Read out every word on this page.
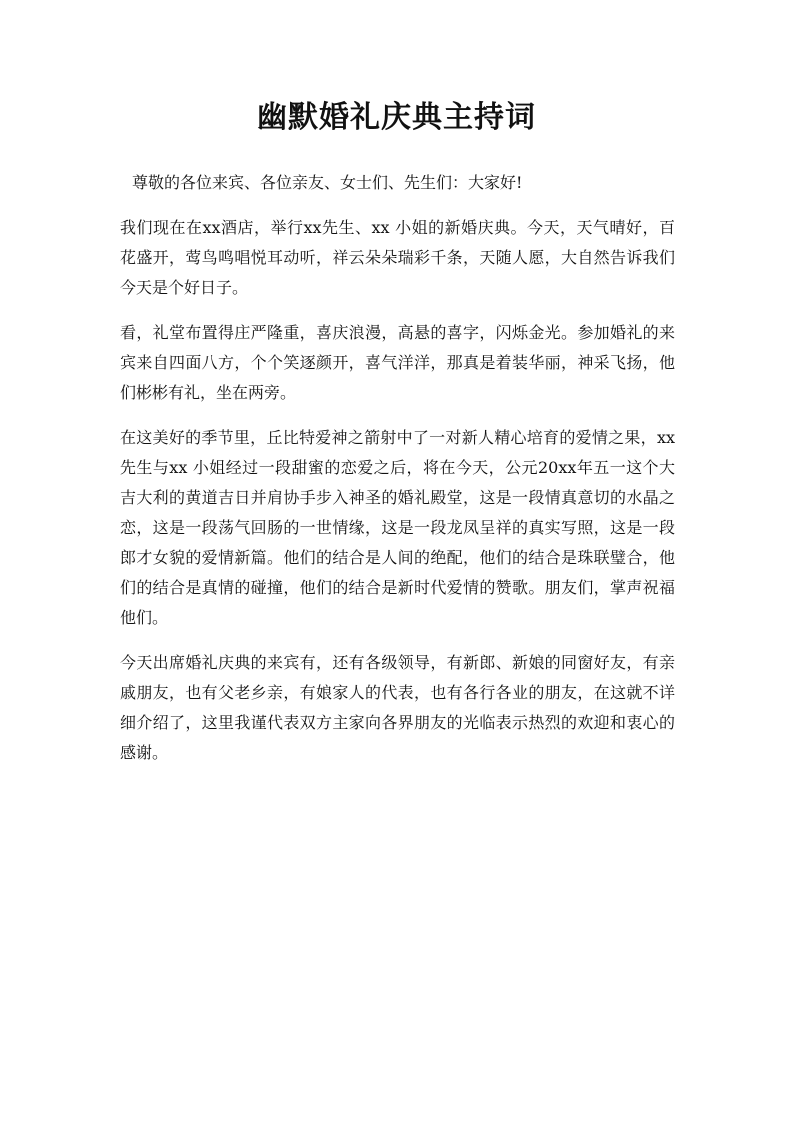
幽默婚礼庆典主持词

尊敬的各位来宾、各位亲友、女士们、先生们：大家好!

我们现在在xx酒店，举行xx先生、xx 小姐的新婚庆典。今天，天气晴好，百花盛开，莺鸟鸣唱悦耳动听，祥云朵朵瑞彩千条，天随人愿，大自然告诉我们今天是个好日子。

看，礼堂布置得庄严隆重，喜庆浪漫，高悬的喜字，闪烁金光。参加婚礼的来宾来自四面八方，个个笑逐颜开，喜气洋洋，那真是着装华丽，神采飞扬，他们彬彬有礼，坐在两旁。

在这美好的季节里，丘比特爱神之箭射中了一对新人精心培育的爱情之果，xx先生与xx 小姐经过一段甜蜜的恋爱之后，将在今天，公元20xx年五一这个大吉大利的黄道吉日并肩协手步入神圣的婚礼殿堂，这是一段情真意切的水晶之恋，这是一段荡气回肠的一世情缘，这是一段龙凤呈祥的真实写照，这是一段郎才女貌的爱情新篇。他们的结合是人间的绝配，他们的结合是珠联璧合，他们的结合是真情的碰撞，他们的结合是新时代爱情的赞歌。朋友们，掌声祝福他们。

今天出席婚礼庆典的来宾有，还有各级领导，有新郎、新娘的同窗好友，有亲戚朋友，也有父老乡亲，有娘家人的代表，也有各行各业的朋友，在这就不详细介绍了，这里我谨代表双方主家向各界朋友的光临表示热烈的欢迎和衷心的感谢。
